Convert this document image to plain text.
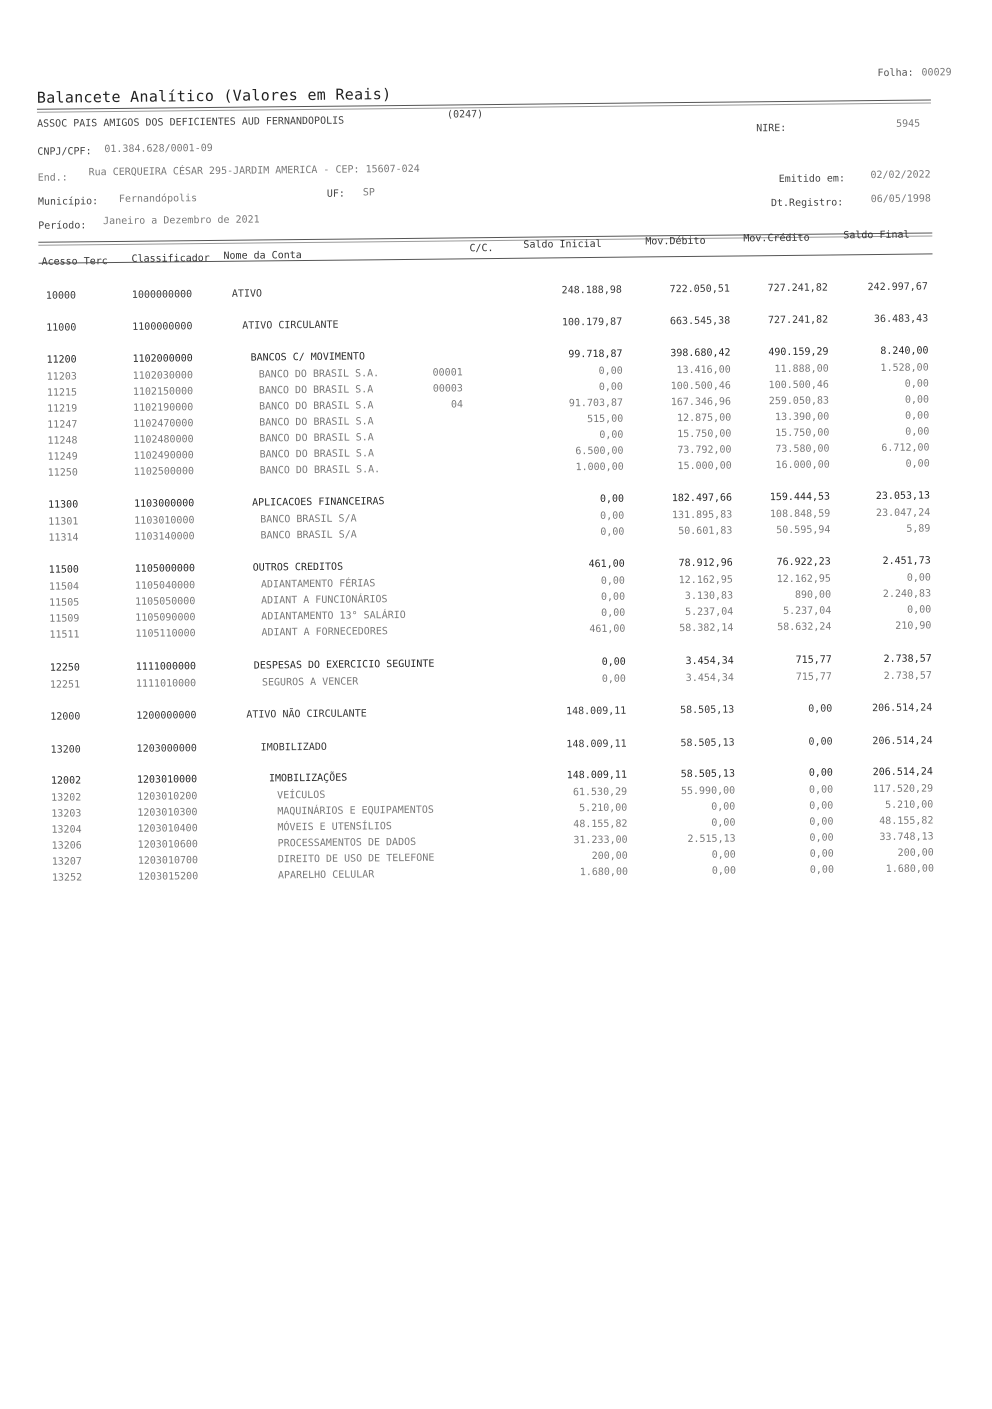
Folha: 00029
Balancete Analítico (Valores em Reais)
ASSOC PAIS AMIGOS DOS DEFICIENTES AUD FERNANDOPOLIS
(0247)
NIRE:	5945
CNPJ/CPF: 01.384.628/0001-09
End.: Rua CERQUEIRA CÉSAR 295-JARDIM AMERICA - CEP: 15607-024
Emitido em:	02/02/2022
Município: Fernandópolis	UF: SP
Dt.Registro:	06/05/1998
Período: Janeiro a Dezembro de 2021
Classificador Nome da Conta
C/C.	Saldo Inicial	Mov.Débito	Mov.Crédito	Saldo Final
10000	1000000000	ATIVO	248.188,98	722.050,51	727.241,82	242.997,67
11000	1100000000	ATIVO CIRCULANTE	100.179,87	663.545,38	727.241,82	36.483,43
11200	1102000000	BANCOS C/ MOVIMENTO	99.718,87	398.680,42	490.159,29	8.240,00
11203	1102030000	BANCO DO BRASIL S.A.	00001	0,00	13.416,00	11.888,00	1.528,00
11215	1102150000	BANCO DO BRASIL S.A	00003	0,00	100.500,46	100.500,46	0,00
11219	1102190000	BANCO DO BRASIL S.A	04	91.703,87	167.346,96	259.050,83	0,00
11247	1102470000	BANCO DO BRASIL S.A	515,00	12.875,00	13.390,00	0,00
11248	1102480000	BANCO DO BRASIL S.A	0,00	15.750,00	15.750,00	0,00
11249	1102490000	BANCO DO BRASIL S.A	6.500,00	73.792,00	73.580,00	6.712,00
11250	1102500000	BANCO DO BRASIL S.A.	1.000,00	15.000,00	16.000,00	0,00
11300	1103000000	APLICACOES FINANCEIRAS	0,00	182.497,66	159.444,53	23.053,13
11301	1103010000	BANCO BRASIL S/A	0,00	131.895,83	108.848,59	23.047,24
11314	1103140000	BANCO BRASIL S/A	0,00	50.601,83	50.595,94	5,89
11500	1105000000	OUTROS CREDITOS	461,00	78.912,96	76.922,23	2.451,73
11504	1105040000	ADIANTAMENTO FÉRIAS	0,00	12.162,95	12.162,95	0,00
11505	1105050000	ADIANT A FUNCIONÁRIOS	0,00	3.130,83	890,00	2.240,83
11509	1105090000	ADIANTAMENTO 13° SALÁRIO	0,00	5.237,04	5.237,04	0,00
11511	1105110000	ADIANT A FORNECEDORES	461,00	58.382,14	58.632,24	210,90
12250	1111000000	DESPESAS DO EXERCICIO SEGUINTE	0,00	3.454,34	715,77	2.738,57
12251	1111010000	SEGUROS A VENCER	0,00	3.454,34	715,77	2.738,57
12000	1200000000	ATIVO NÃO CIRCULANTE	148.009,11	58.505,13	0,00	206.514,24
13200	1203000000	IMOBILIZADO	148.009,11	58.505,13	0,00	206.514,24
12002	1203010000	IMOBILIZAÇÕES	148.009,11	58.505,13	0,00	206.514,24
13202	1203010200	VEÍCULOS	61.530,29	55.990,00	0,00	117.520,29
13203	1203010300	MAQUINÁRIOS E EQUIPAMENTOS	5.210,00	0,00	0,00	5.210,00
13204	1203010400	MÓVEIS E UTENSÍLIOS	48.155,82	0,00	0,00	48.155,82
13206	1203010600	PROCESSAMENTOS DE DADOS	31.233,00	2.515,13	0,00	33.748,13
13207	1203010700	DIREITO DE USO DE TELEFONE	200,00	0,00	0,00	200,00
13252	1203015200	APARELHO CELULAR	1.680,00	0,00	0,00	1.680,00
